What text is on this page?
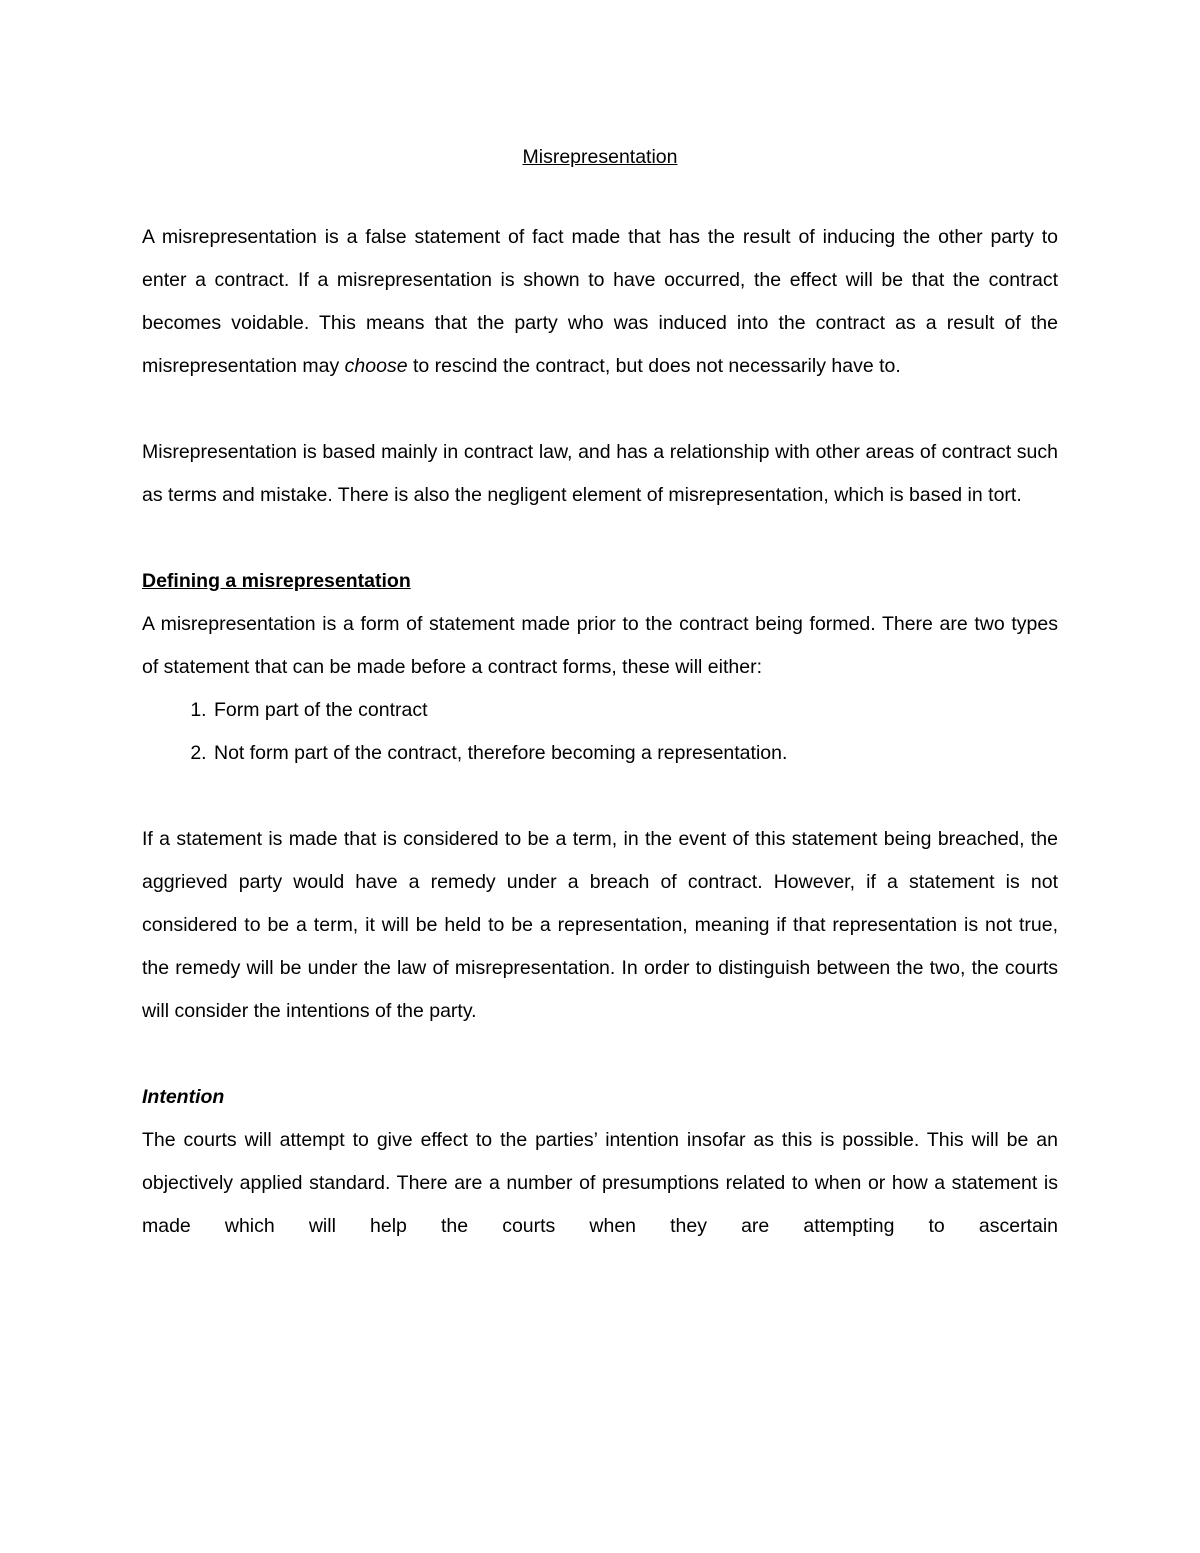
Misrepresentation

A misrepresentation is a false statement of fact made that has the result of inducing the other party to enter a contract. If a misrepresentation is shown to have occurred, the effect will be that the contract becomes voidable. This means that the party who was induced into the contract as a result of the misrepresentation may choose to rescind the contract, but does not necessarily have to.

Misrepresentation is based mainly in contract law, and has a relationship with other areas of contract such as terms and mistake. There is also the negligent element of misrepresentation, which is based in tort.

Defining a misrepresentation

A misrepresentation is a form of statement made prior to the contract being formed. There are two types of statement that can be made before a contract forms, these will either:

1. Form part of the contract
2. Not form part of the contract, therefore becoming a representation.

If a statement is made that is considered to be a term, in the event of this statement being breached, the aggrieved party would have a remedy under a breach of contract. However, if a statement is not considered to be a term, it will be held to be a representation, meaning if that representation is not true, the remedy will be under the law of misrepresentation. In order to distinguish between the two, the courts will consider the intentions of the party.

Intention

The courts will attempt to give effect to the parties’ intention insofar as this is possible. This will be an objectively applied standard. There are a number of presumptions related to when or how a statement is made which will help the courts when they are attempting to ascertain
